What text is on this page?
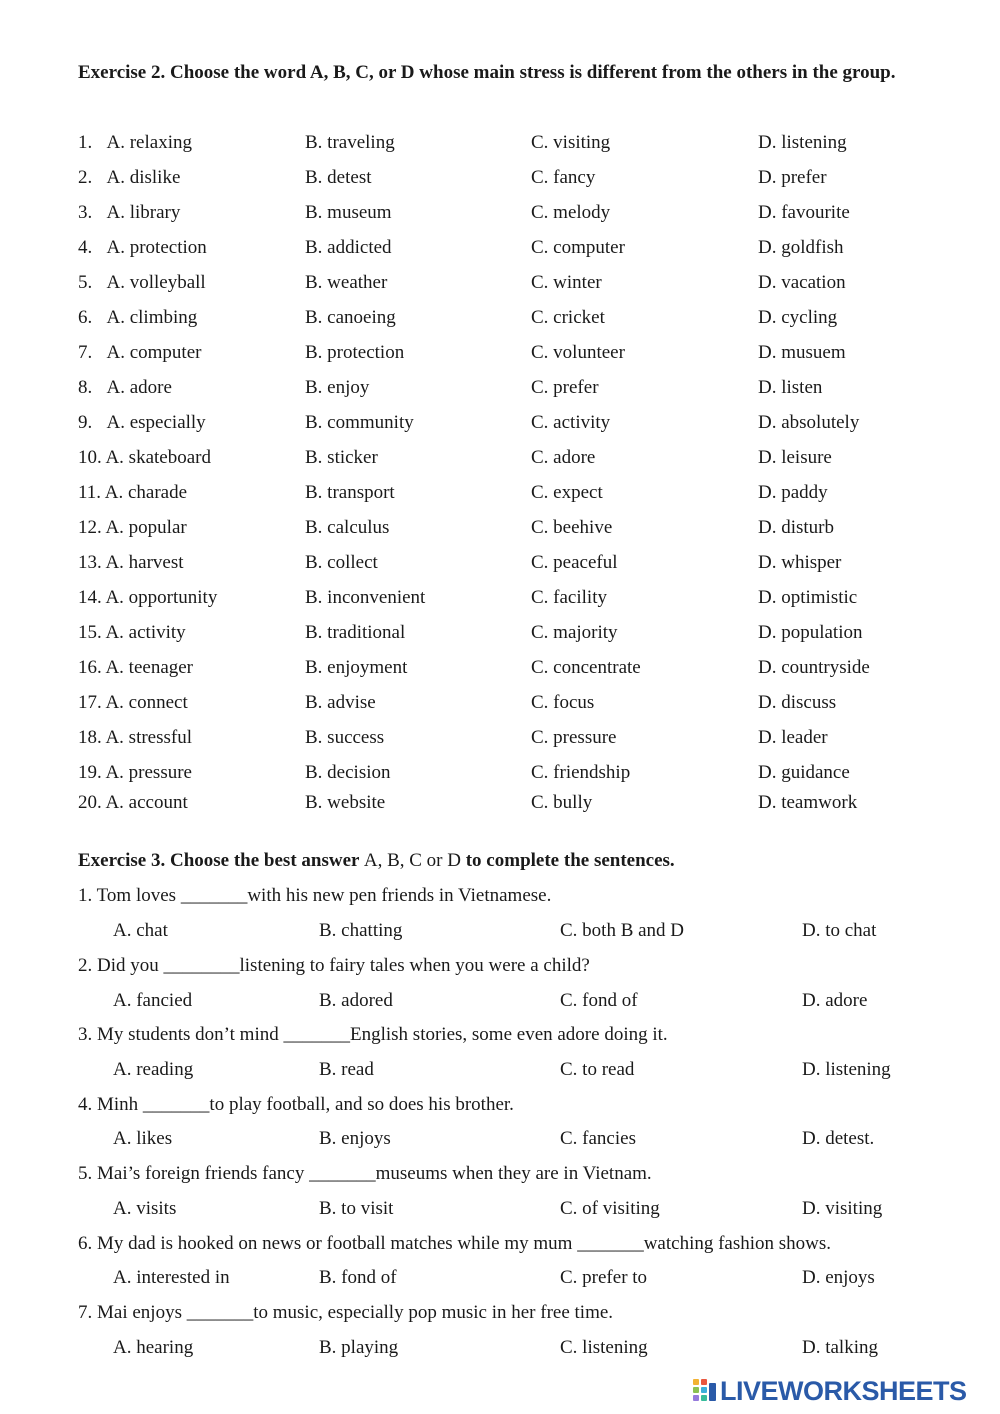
Exercise 2. Choose the word A, B, C, or D whose main stress is different from the others in the group.
1. A. relaxing	B. traveling	C. visiting	D. listening
2. A. dislike	B. detest	C. fancy	D. prefer
3. A. library	B. museum	C. melody	D. favourite
4. A. protection	B. addicted	C. computer	D. goldfish
5. A. volleyball	B. weather	C. winter	D. vacation
6. A. climbing	B. canoeing	C. cricket	D. cycling
7. A. computer	B. protection	C. volunteer	D. musuem
8. A. adore	B. enjoy	C. prefer	D. listen
9. A. especially	B. community	C. activity	D. absolutely
10. A. skateboard	B. sticker	C. adore	D. leisure
11. A. charade	B. transport	C. expect	D. paddy
12. A. popular	B. calculus	C. beehive	D. disturb
13. A. harvest	B. collect	C. peaceful	D. whisper
14. A. opportunity	B. inconvenient	C. facility	D. optimistic
15. A. activity	B. traditional	C. majority	D. population
16. A. teenager	B. enjoyment	C. concentrate	D. countryside
17. A. connect	B. advise	C. focus	D. discuss
18. A. stressful	B. success	C. pressure	D. leader
19. A. pressure	B. decision	C. friendship	D. guidance
20. A. account	B. website	C. bully	D. teamwork
Exercise 3. Choose the best answer A, B, C or D to complete the sentences.
1. Tom loves _______with his new pen friends in Vietnamese.
A. chat	B. chatting	C. both B and D	D. to chat
2. Did you ________listening to fairy tales when you were a child?
A. fancied	B. adored	C. fond of	D. adore
3. My students don’t mind _______English stories, some even adore doing it.
A. reading	B. read	C. to read	D. listening
4. Minh _______to play football, and so does his brother.
A. likes	B. enjoys	C. fancies	D. detest.
5. Mai’s foreign friends fancy _______museums when they are in Vietnam.
A. visits	B. to visit	C. of visiting	D. visiting
6. My dad is hooked on news or football matches while my mum _______watching fashion shows.
A. interested in	B. fond of	C. prefer to	D. enjoys
7. Mai enjoys _______to music, especially pop music in her free time.
A. hearing	B. playing	C. listening	D. talking
LIVEWORKSHEETS
